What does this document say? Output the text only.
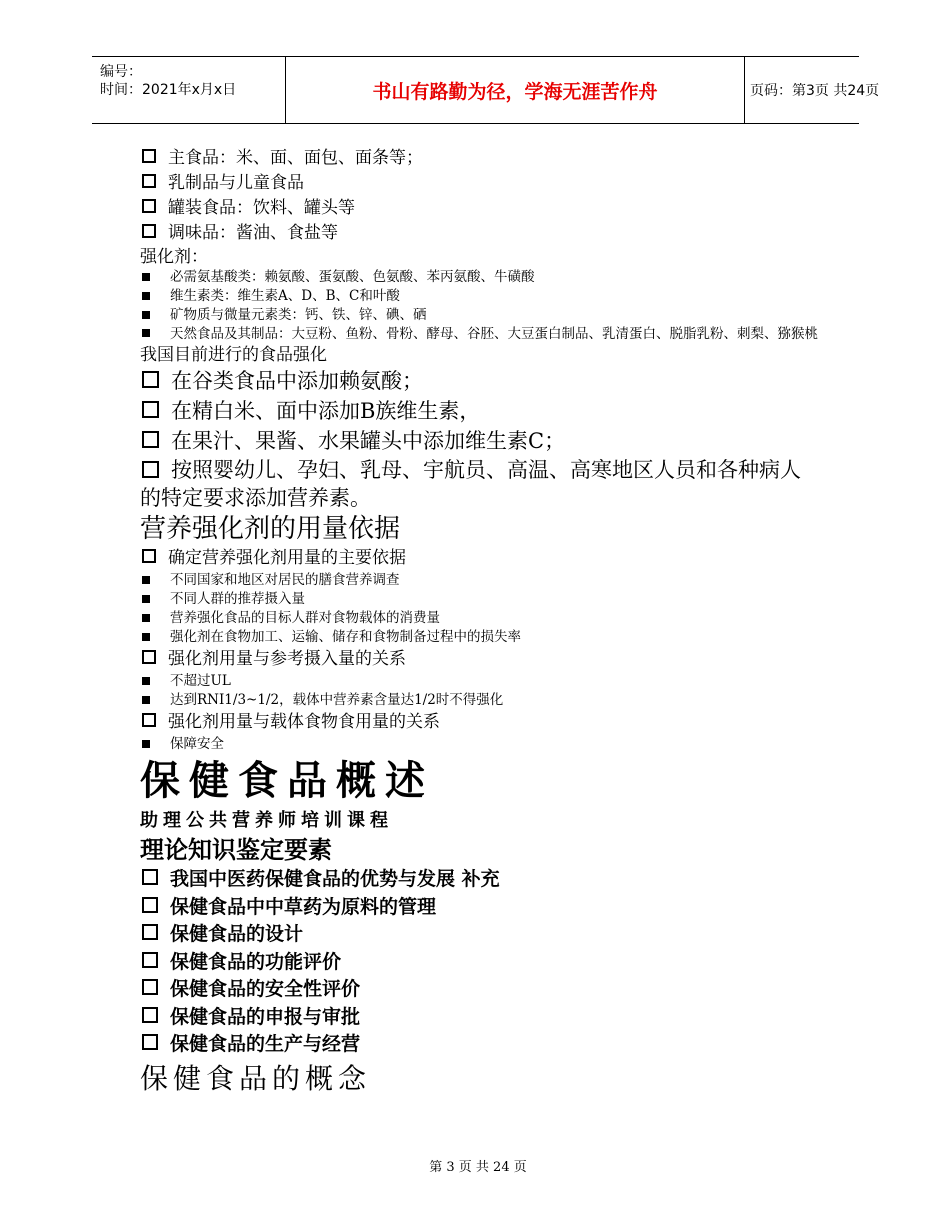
编号：
时间：2021年x月x日	书山有路勤为径，学海无涯苦作舟	页码：第3页 共24页
主食品：米、面、面包、面条等；
乳制品与儿童食品
罐装食品：饮料、罐头等
调味品：酱油、食盐等
强化剂：
必需氨基酸类：赖氨酸、蛋氨酸、色氨酸、苯丙氨酸、牛磺酸
维生素类：维生素A、D、B、C和叶酸
矿物质与微量元素类：钙、铁、锌、碘、硒
天然食品及其制品：大豆粉、鱼粉、骨粉、酵母、谷胚、大豆蛋白制品、乳清蛋白、脱脂乳粉、刺梨、猕猴桃
我国目前进行的食品强化
在谷类食品中添加赖氨酸；
在精白米、面中添加B族维生素，
在果汁、果酱、水果罐头中添加维生素C；
按照婴幼儿、孕妇、乳母、宇航员、高温、高寒地区人员和各种病人的特定要求添加营养素。
营养强化剂的用量依据
确定营养强化剂用量的主要依据
不同国家和地区对居民的膳食营养调查
不同人群的推荐摄入量
营养强化食品的目标人群对食物载体的消费量
强化剂在食物加工、运输、储存和食物制备过程中的损失率
强化剂用量与参考摄入量的关系
不超过UL
达到RNI1/3~1/2，载体中营养素含量达1/2时不得强化
强化剂用量与载体食物食用量的关系
保障安全
保健食品概述
助理公共营养师培训课程
理论知识鉴定要素
我国中医药保健食品的优势与发展 补充
保健食品中中草药为原料的管理
保健食品的设计
保健食品的功能评价
保健食品的安全性评价
保健食品的申报与审批
保健食品的生产与经营
保健食品的概念
第 3 页 共 24 页
